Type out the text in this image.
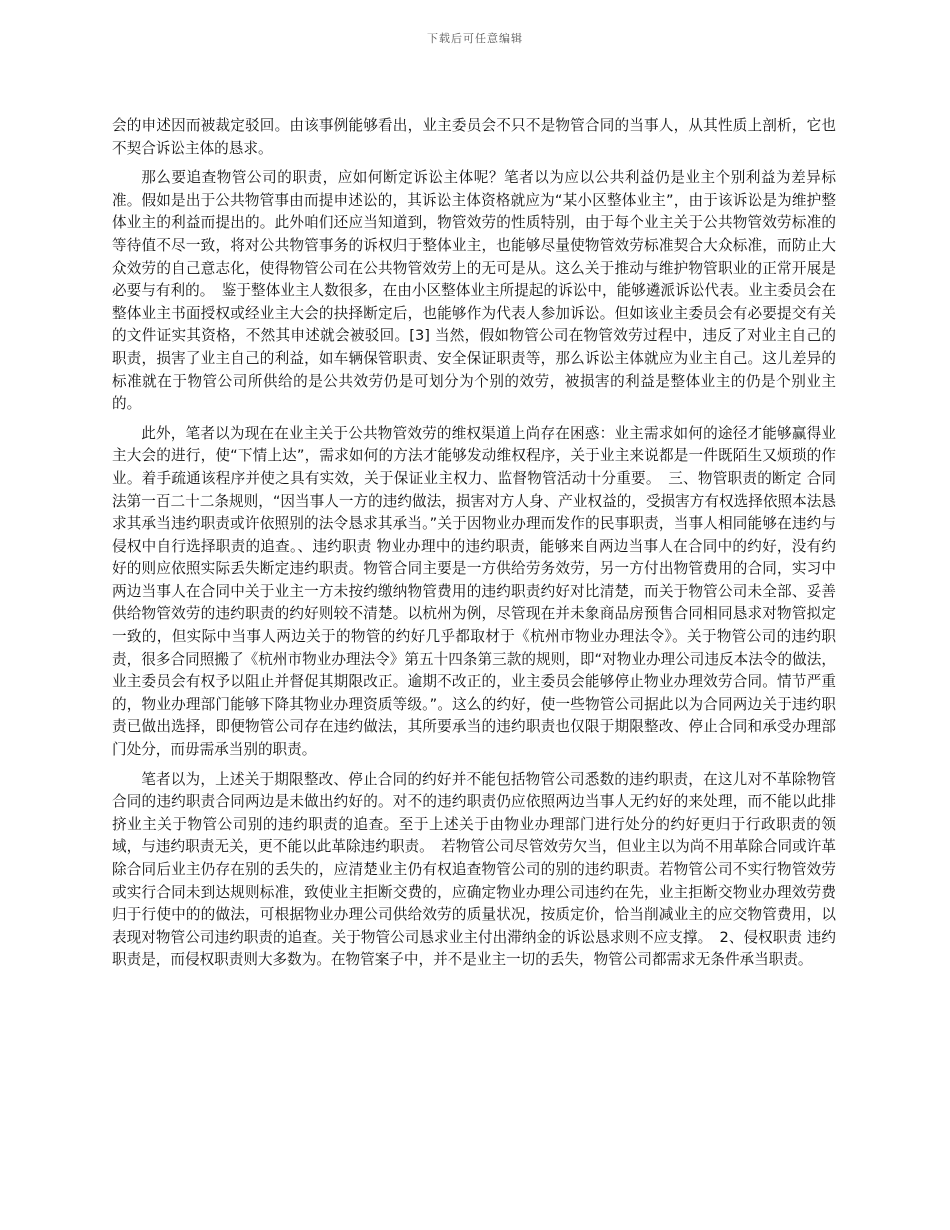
下载后可任意编辑

会的申述因而被裁定驳回。由该事例能够看出，业主委员会不只不是物管合同的当事人，从其性质上剖析，它也不契合诉讼主体的恳求。

那么要追查物管公司的职责，应如何断定诉讼主体呢？笔者以为应以公共利益仍是业主个别利益为差异标准。假如是出于公共物管事由而提申述讼的，其诉讼主体资格就应为“某小区整体业主”，由于该诉讼是为维护整体业主的利益而提出的。此外咱们还应当知道到，物管效劳的性质特别，由于每个业主关于公共物管效劳标准的等待值不尽一致，将对公共物管事务的诉权归于整体业主，也能够尽量使物管效劳标准契合大众标准，而防止大众效劳的自己意志化，使得物管公司在公共物管效劳上的无可是从。这么关于推动与维护物管职业的正常开展是必要与有利的。　鉴于整体业主人数很多，在由小区整体业主所提起的诉讼中，能够遴派诉讼代表。业主委员会在整体业主书面授权或经业主大会的抉择断定后，也能够作为代表人参加诉讼。但如该业主委员会有必要提交有关的文件证实其资格，不然其申述就会被驳回。[3] 当然，假如物管公司在物管效劳过程中，违反了对业主自己的职责，损害了业主自己的利益，如车辆保管职责、安全保证职责等，那么诉讼主体就应为业主自己。这儿差异的标准就在于物管公司所供给的是公共效劳仍是可划分为个别的效劳，被损害的利益是整体业主的仍是个别业主的。

此外，笔者以为现在在业主关于公共物管效劳的维权渠道上尚存在困惑：业主需求如何的途径才能够赢得业主大会的进行，使“下情上达”，需求如何的方法才能够发动维权程序，关于业主来说都是一件既陌生又烦琐的作业。着手疏通该程序并使之具有实效，关于保证业主权力、监督物管活动十分重要。　三、物管职责的断定 合同法第一百二十二条规则，“因当事人一方的违约做法，损害对方人身、产业权益的，受损害方有权选择依照本法恳求其承当违约职责或许依照别的法令恳求其承当。”关于因物业办理而发作的民事职责，当事人相同能够在违约与侵权中自行选择职责的追查。、违约职责 物业办理中的违约职责，能够来自两边当事人在合同中的约好，没有约好的则应依照实际丢失断定违约职责。物管合同主要是一方供给劳务效劳，另一方付出物管费用的合同，实习中两边当事人在合同中关于业主一方未按约缴纳物管费用的违约职责约好对比清楚，而关于物管公司未全部、妥善供给物管效劳的违约职责的约好则较不清楚。以杭州为例，尽管现在并未象商品房预售合同相同恳求对物管拟定一致的，但实际中当事人两边关于的物管的约好几乎都取材于《杭州市物业办理法令》。关于物管公司的违约职责，很多合同照搬了《杭州市物业办理法令》第五十四条第三款的规则，即“对物业办理公司违反本法令的做法，业主委员会有权予以阻止并督促其期限改正。逾期不改正的，业主委员会能够停止物业办理效劳合同。情节严重的，物业办理部门能够下降其物业办理资质等级。”。这么的约好，使一些物管公司据此以为合同两边关于违约职责已做出选择，即便物管公司存在违约做法，其所要承当的违约职责也仅限于期限整改、停止合同和承受办理部门处分，而毋需承当别的职责。

笔者以为，上述关于期限整改、停止合同的约好并不能包括物管公司悉数的违约职责，在这儿对不革除物管合同的违约职责合同两边是未做出约好的。对不的违约职责仍应依照两边当事人无约好的来处理，而不能以此排挤业主关于物管公司别的违约职责的追查。至于上述关于由物业办理部门进行处分的约好更归于行政职责的领域，与违约职责无关，更不能以此革除违约职责。　若物管公司尽管效劳欠当，但业主以为尚不用革除合同或许革除合同后业主仍存在别的丢失的，应清楚业主仍有权追查物管公司的别的违约职责。若物管公司不实行物管效劳或实行合同未到达规则标准，致使业主拒断交费的，应确定物业办理公司违约在先，业主拒断交物业办理效劳费归于行使中的的做法，可根据物业办理公司供给效劳的质量状况，按质定价，恰当削减业主的应交物管费用，以表现对物管公司违约职责的追查。关于物管公司恳求业主付出滞纳金的诉讼恳求则不应支撑。　2、侵权职责 违约职责是，而侵权职责则大多数为。在物管案子中，并不是业主一切的丢失，物管公司都需求无条件承当职责。
